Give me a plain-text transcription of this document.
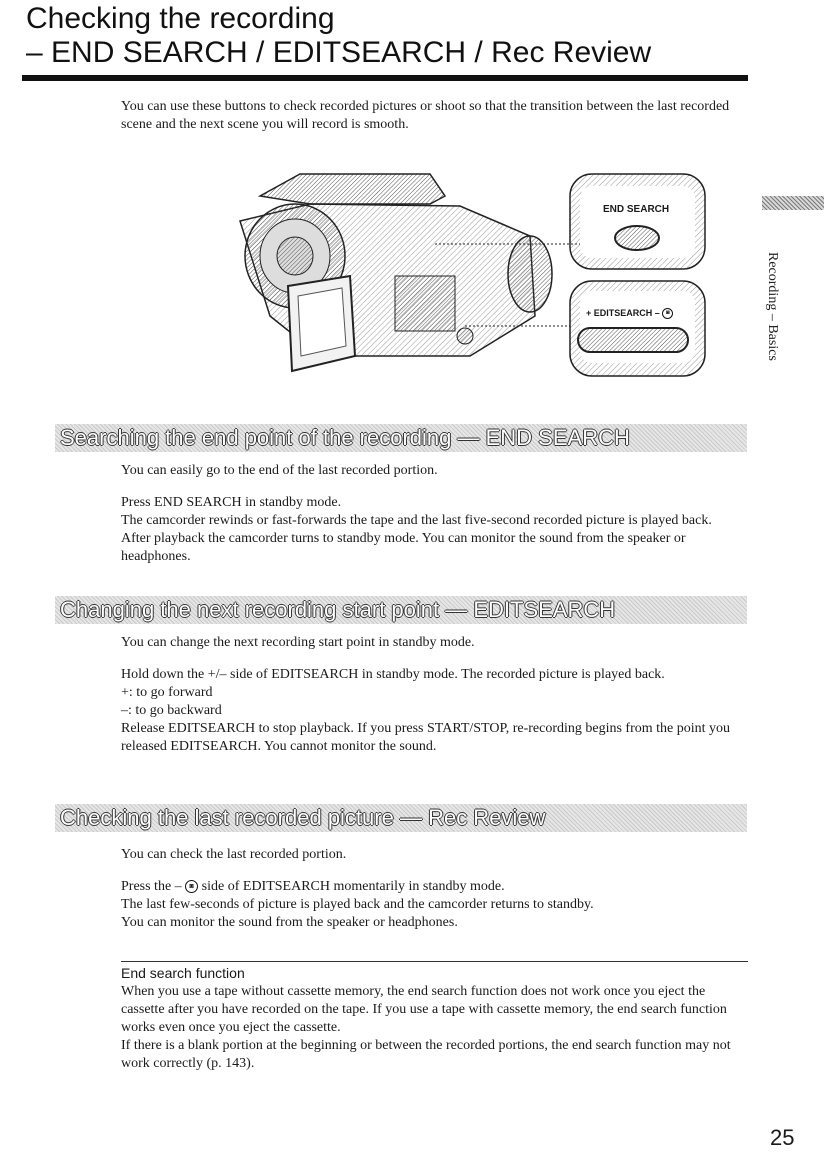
Checking the recording
– END SEARCH / EDITSEARCH / Rec Review
You can use these buttons to check recorded pictures or shoot so that the transition between the last recorded scene and the next scene you will record is smooth.
END SEARCH
+ EDITSEARCH – ◙	Recording – Basics
Searching the end point of the recording — END SEARCH
You can easily go to the end of the last recorded portion.
Press END SEARCH in standby mode.
The camcorder rewinds or fast-forwards the tape and the last five-second recorded picture is played back. After playback the camcorder turns to standby mode. You can monitor the sound from the speaker or headphones.
Changing the next recording start point — EDITSEARCH
You can change the next recording start point in standby mode.
Hold down the +/– side of EDITSEARCH in standby mode. The recorded picture is played back.
+: to go forward
–: to go backward
Release EDITSEARCH to stop playback. If you press START/STOP, re-recording begins from the point you released EDITSEARCH. You cannot monitor the sound.
Checking the last recorded picture — Rec Review
You can check the last recorded portion.
Press the – ◙ side of EDITSEARCH momentarily in standby mode.
The last few-seconds of picture is played back and the camcorder returns to standby.
You can monitor the sound from the speaker or headphones.
End search function
When you use a tape without cassette memory, the end search function does not work once you eject the cassette after you have recorded on the tape. If you use a tape with cassette memory, the end search function works even once you eject the cassette.
If there is a blank portion at the beginning or between the recorded portions, the end search function may not work correctly (p. 143).
25
